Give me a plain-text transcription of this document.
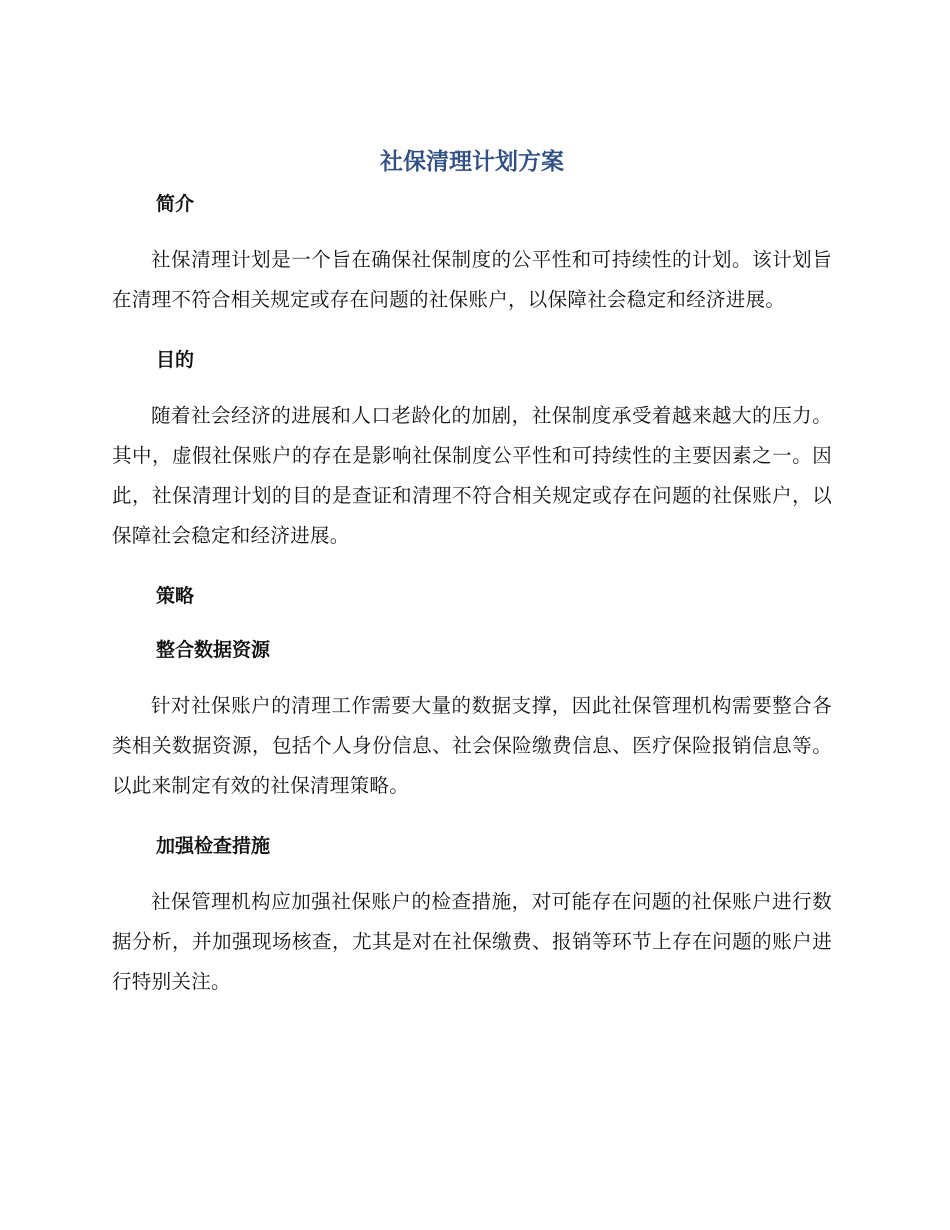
社保清理计划方案
简介

社保清理计划是一个旨在确保社保制度的公平性和可持续性的计划。该计划旨在清理不符合相关规定或存在问题的社保账户，以保障社会稳定和经济进展。

目的

随着社会经济的进展和人口老龄化的加剧，社保制度承受着越来越大的压力。其中，虚假社保账户的存在是影响社保制度公平性和可持续性的主要因素之一。因此，社保清理计划的目的是查证和清理不符合相关规定或存在问题的社保账户，以保障社会稳定和经济进展。

策略
整合数据资源

针对社保账户的清理工作需要大量的数据支撑，因此社保管理机构需要整合各类相关数据资源，包括个人身份信息、社会保险缴费信息、医疗保险报销信息等。以此来制定有效的社保清理策略。

加强检查措施

社保管理机构应加强社保账户的检查措施，对可能存在问题的社保账户进行数据分析，并加强现场核查，尤其是对在社保缴费、报销等环节上存在问题的账户进行特别关注。
